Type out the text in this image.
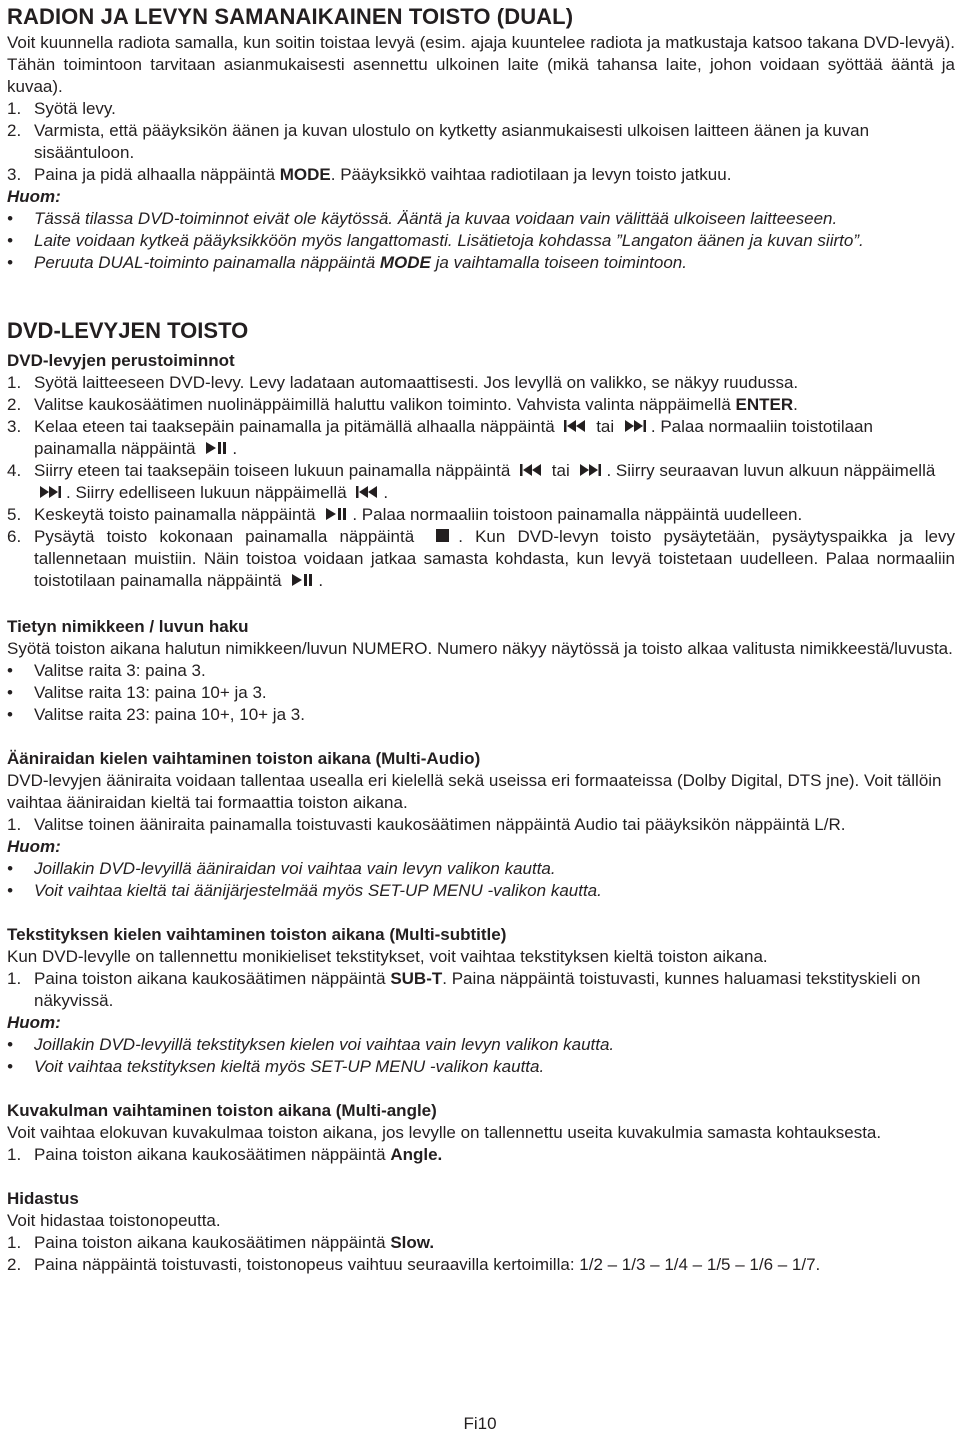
RADION JA LEVYN SAMANAIKAINEN TOISTO (DUAL)

Voit kuunnella radiota samalla, kun soitin toistaa levyä (esim. ajaja kuuntelee radiota ja matkustaja katsoo takana DVD-levyä). Tähän toimintoon tarvitaan asianmukaisesti asennettu ulkoinen laite (mikä tahansa laite, johon voidaan syöttää ääntä ja kuvaa).

1. Syötä levy.
2. Varmista, että pääyksikön äänen ja kuvan ulostulo on kytketty asianmukaisesti ulkoisen laitteen äänen ja kuvan sisääntuloon.
3. Paina ja pidä alhaalla näppäintä MODE. Pääyksikkö vaihtaa radiotilaan ja levyn toisto jatkuu.
Huom:
•	Tässä tilassa DVD-toiminnot eivät ole käytössä. Ääntä ja kuvaa voidaan vain välittää ulkoiseen laitteeseen.
•	Laite voidaan kytkeä pääyksikköön myös langattomasti. Lisätietoja kohdassa ”Langaton äänen ja kuvan siirto”.
•	Peruuta DUAL-toiminto painamalla näppäintä MODE ja vaihtamalla toiseen toimintoon.
DVD-LEVYJEN TOISTO
DVD-levyjen perustoiminnot
1. Syötä laitteeseen DVD-levy. Levy ladataan automaattisesti. Jos levyllä on valikko, se näkyy ruudussa.
2. Valitse kaukosäätimen nuolinäppäimillä haluttu valikon toiminto. Vahvista valinta näppäimellä ENTER.
3. Kelaa eteen tai taaksepäin painamalla ja pitämällä alhaalla näppäintä
tai
. Palaa normaaliin toistotilaan painamalla näppäintä
.
4. Siirry eteen tai taaksepäin toiseen lukuun painamalla näppäintä
tai
. Siirry seuraavan luvun alkuun näppäimellä
. Siirry edelliseen lukuun näppäimellä
.
5. Keskeytä toisto painamalla näppäintä
. Palaa normaaliin toistoon painamalla näppäintä uudelleen.
6. Pysäytä toisto kokonaan painamalla näppäintä
. Kun DVD-levyn toisto pysäytetään, pysäytyspaikka ja levy tallennetaan muistiin. Näin toistoa voidaan jatkaa samasta kohdasta, kun levyä toistetaan uudelleen. Palaa normaaliin toistotilaan painamalla näppäintä
.
Tietyn nimikkeen / luvun haku

Syötä toiston aikana halutun nimikkeen/luvun NUMERO. Numero näkyy näytössä ja toisto alkaa valitusta nimikkeestä/luvusta.

•	Valitse raita 3: paina 3.
•	Valitse raita 13: paina 10+ ja 3.
•	Valitse raita 23: paina 10+, 10+ ja 3.
Ääniraidan kielen vaihtaminen toiston aikana (Multi-Audio)

DVD-levyjen ääniraita voidaan tallentaa usealla eri kielellä sekä useissa eri formaateissa (Dolby Digital, DTS jne). Voit tällöin vaihtaa ääniraidan kieltä tai formaattia toiston aikana.

1. Valitse toinen ääniraita painamalla toistuvasti kaukosäätimen näppäintä Audio tai pääyksikön näppäintä L/R.
Huom:
•	Joillakin DVD-levyillä ääniraidan voi vaihtaa vain levyn valikon kautta.
•	Voit vaihtaa kieltä tai äänijärjestelmää myös SET-UP MENU -valikon kautta.
Tekstityksen kielen vaihtaminen toiston aikana (Multi-subtitle)

Kun DVD-levylle on tallennettu monikieliset tekstitykset, voit vaihtaa tekstityksen kieltä toiston aikana.

1. Paina toiston aikana kaukosäätimen näppäintä SUB-T. Paina näppäintä toistuvasti, kunnes haluamasi tekstityskieli on näkyvissä.
Huom:
•	Joillakin DVD-levyillä tekstityksen kielen voi vaihtaa vain levyn valikon kautta.
•	Voit vaihtaa tekstityksen kieltä myös SET-UP MENU -valikon kautta.
Kuvakulman vaihtaminen toiston aikana (Multi-angle)

Voit vaihtaa elokuvan kuvakulmaa toiston aikana, jos levylle on tallennettu useita kuvakulmia samasta kohtauksesta.

1. Paina toiston aikana kaukosäätimen näppäintä Angle.
Hidastus

Voit hidastaa toistonopeutta.

1. Paina toiston aikana kaukosäätimen näppäintä Slow.
2. Paina näppäintä toistuvasti, toistonopeus vaihtuu seuraavilla kertoimilla: 1/2 – 1/3 – 1/4 – 1/5 – 1/6 – 1/7.
Fi10
